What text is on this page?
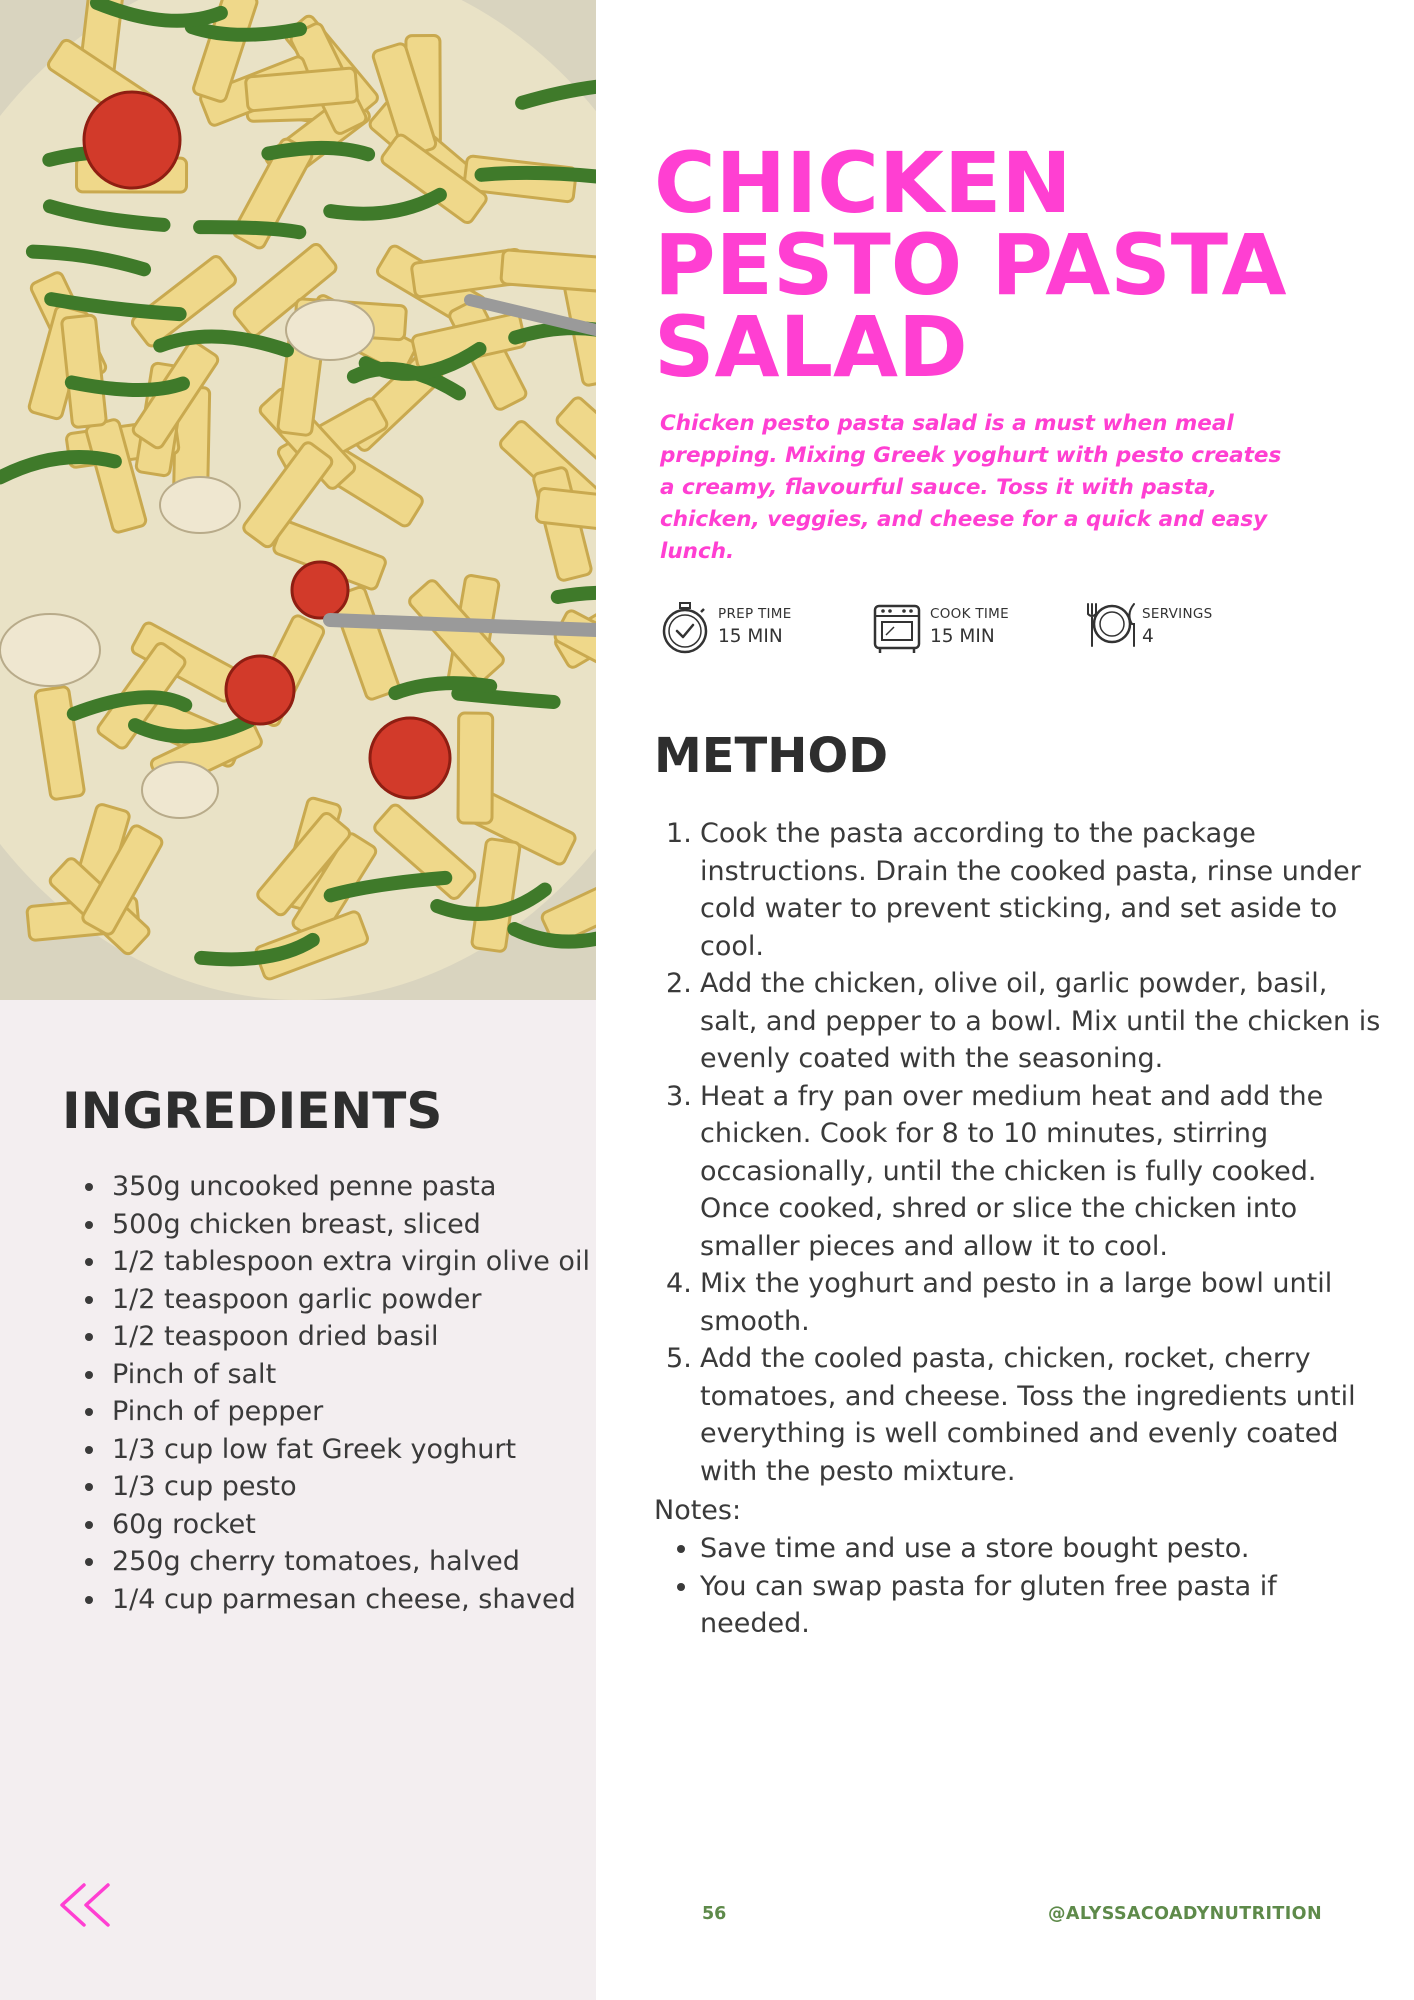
INGREDIENTS
• 350g uncooked penne pasta
• 500g chicken breast, sliced
• 1/2 tablespoon extra virgin olive oil
• 1/2 teaspoon garlic powder
• 1/2 teaspoon dried basil
• Pinch of salt
• Pinch of pepper
• 1/3 cup low fat Greek yoghurt
• 1/3 cup pesto
• 60g rocket
• 250g cherry tomatoes, halved
• 1/4 cup parmesan cheese, shaved
CHICKEN PESTO PASTA SALAD

Chicken pesto pasta salad is a must when meal prepping. Mixing Greek yoghurt with pesto creates a creamy, flavourful sauce. Toss it with pasta, chicken, veggies, and cheese for a quick and easy lunch.

PREP TIME
15 MIN
COOK TIME
15 MIN
SERVINGS
4
METHOD
Cook the pasta according to the package instructions. Drain the cooked pasta, rinse under cold water to prevent sticking, and set aside to cool.
Add the chicken, olive oil, garlic powder, basil, salt, and pepper to a bowl. Mix until the chicken is evenly coated with the seasoning.
Heat a fry pan over medium heat and add the chicken. Cook for 8 to 10 minutes, stirring occasionally, until the chicken is fully cooked. Once cooked, shred or slice the chicken into smaller pieces and allow it to cool.
Mix the yoghurt and pesto in a large bowl until smooth.
Add the cooled pasta, chicken, rocket, cherry tomatoes, and cheese. Toss the ingredients until everything is well combined and evenly coated with the pesto mixture.

Notes:

• Save time and use a store bought pesto.
• You can swap pasta for gluten free pasta if needed.
56	@ALYSSACOADYNUTRITION
